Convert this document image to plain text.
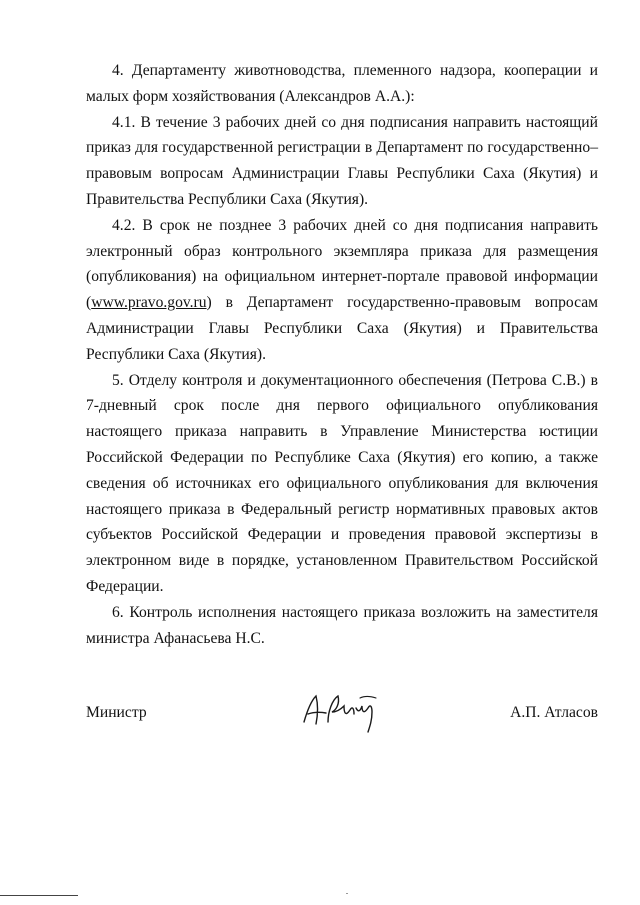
4. Департаменту животноводства, племенного надзора, кооперации и малых форм хозяйствования (Александров А.А.):

4.1. В течение 3 рабочих дней со дня подписания направить настоящий приказ для государственной регистрации в Департамент по государственно–правовым вопросам Администрации Главы Республики Саха (Якутия) и Правительства Республики Саха (Якутия).

4.2. В срок не позднее 3 рабочих дней со дня подписания направить электронный образ контрольного экземпляра приказа для размещения (опубликования) на официальном интернет-портале правовой информации (www.pravo.gov.ru) в Департамент государственно-правовым вопросам Администрации Главы Республики Саха (Якутия) и Правительства Республики Саха (Якутия).

5. Отделу контроля и документационного обеспечения (Петрова С.В.) в 7-дневный срок после дня первого официального опубликования настоящего приказа направить в Управление Министерства юстиции Российской Федерации по Республике Саха (Якутия) его копию, а также сведения об источниках его официального опубликования для включения настоящего приказа в Федеральный регистр нормативных правовых актов субъектов Российской Федерации и проведения правовой экспертизы в электронном виде в порядке, установленном Правительством Российской Федерации.

6. Контроль исполнения настоящего приказа возложить на заместителя министра Афанасьева Н.С.

Министр	А.П. Атласов
